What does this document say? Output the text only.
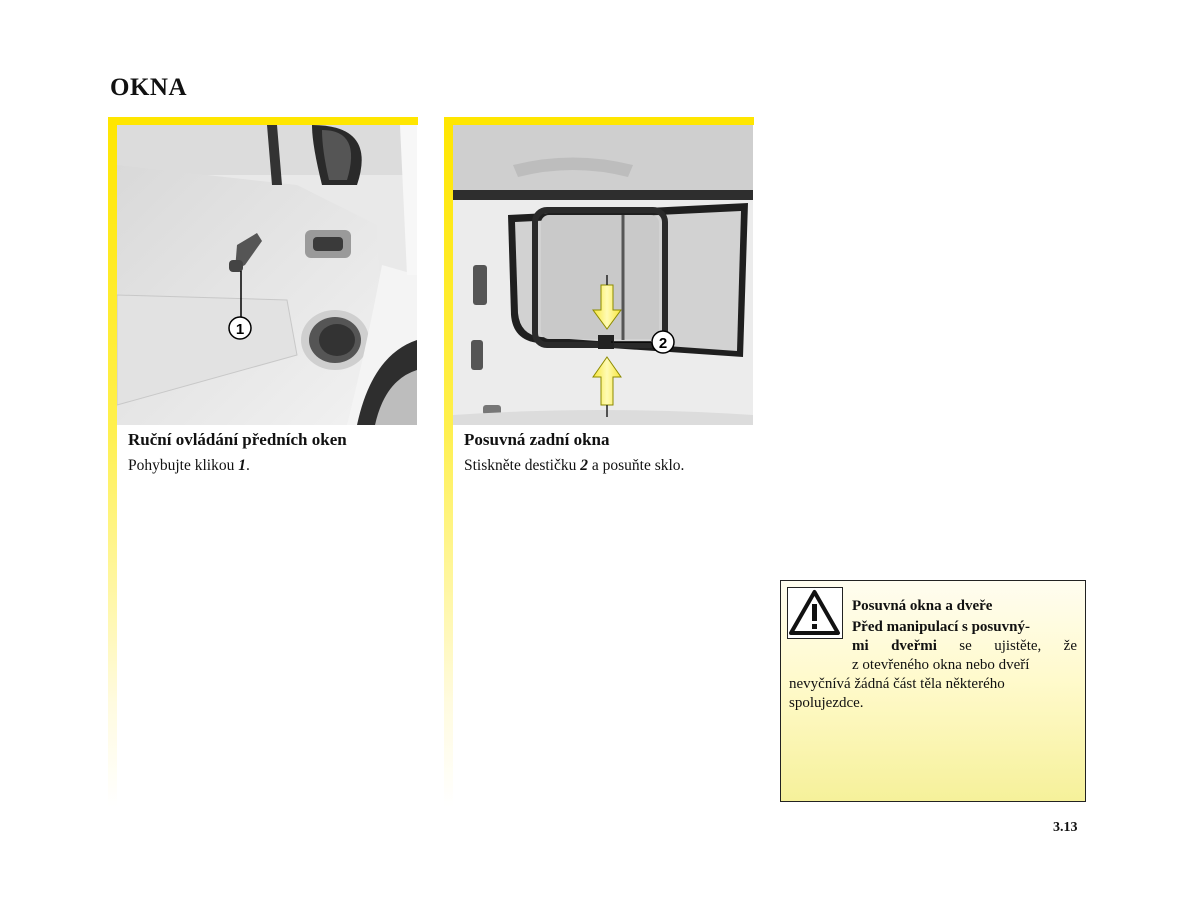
OKNA
1
Ruční ovládání předních oken
Pohybujte klikou 1.
2
Posuvná zadní okna
Stiskněte destičku 2 a posuňte sklo.
Posuvná okna a dveře
Před manipulací s posuvný-
mi dveřmi se ujistěte, že
z otevřeného okna nebo dveří
nevyčnívá žádná část těla některého
spolujezdce.
3.13
